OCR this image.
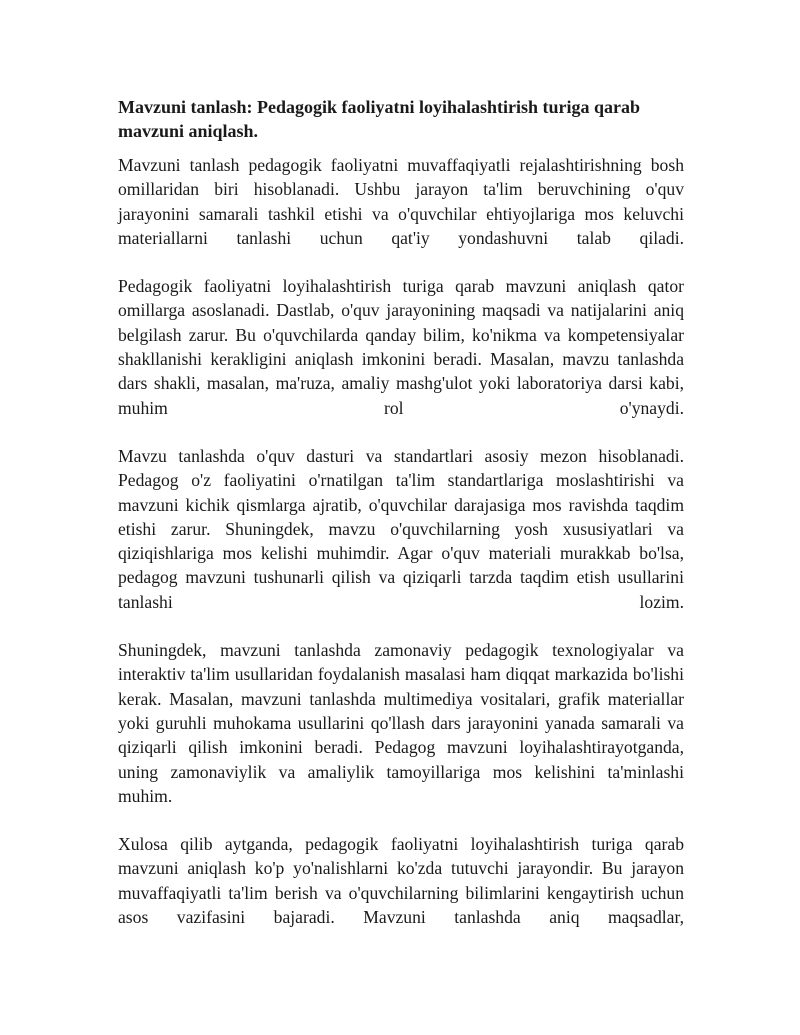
Mavzuni tanlash: Pedagogik faoliyatni loyihalashtirish turiga qarab mavzuni aniqlash.

Mavzuni tanlash pedagogik faoliyatni muvaffaqiyatli rejalashtirishning bosh omillaridan biri hisoblanadi. Ushbu jarayon ta'lim beruvchining o'quv jarayonini samarali tashkil etishi va o'quvchilar ehtiyojlariga mos keluvchi materiallarni tanlashi uchun qat'iy yondashuvni talab qiladi.

Pedagogik faoliyatni loyihalashtirish turiga qarab mavzuni aniqlash qator omillarga asoslanadi. Dastlab, o'quv jarayonining maqsadi va natijalarini aniq belgilash zarur. Bu o'quvchilarda qanday bilim, ko'nikma va kompetensiyalar shakllanishi kerakligini aniqlash imkonini beradi. Masalan, mavzu tanlashda dars shakli, masalan, ma'ruza, amaliy mashg'ulot yoki laboratoriya darsi kabi, muhim rol o'ynaydi.

Mavzu tanlashda o'quv dasturi va standartlari asosiy mezon hisoblanadi. Pedagog o'z faoliyatini o'rnatilgan ta'lim standartlariga moslashtirishi va mavzuni kichik qismlarga ajratib, o'quvchilar darajasiga mos ravishda taqdim etishi zarur. Shuningdek, mavzu o'quvchilarning yosh xususiyatlari va qiziqishlariga mos kelishi muhimdir. Agar o'quv materiali murakkab bo'lsa, pedagog mavzuni tushunarli qilish va qiziqarli tarzda taqdim etish usullarini tanlashi lozim.

Shuningdek, mavzuni tanlashda zamonaviy pedagogik texnologiyalar va interaktiv ta'lim usullaridan foydalanish masalasi ham diqqat markazida bo'lishi kerak. Masalan, mavzuni tanlashda multimediya vositalari, grafik materiallar yoki guruhli muhokama usullarini qo'llash dars jarayonini yanada samarali va qiziqarli qilish imkonini beradi. Pedagog mavzuni loyihalashtirayotganda, uning zamonaviylik va amaliylik tamoyillariga mos kelishini ta'minlashi muhim.

Xulosa qilib aytganda, pedagogik faoliyatni loyihalashtirish turiga qarab mavzuni aniqlash ko'p yo'nalishlarni ko'zda tutuvchi jarayondir. Bu jarayon muvaffaqiyatli ta'lim berish va o'quvchilarning bilimlarini kengaytirish uchun asos vazifasini bajaradi. Mavzuni tanlashda aniq maqsadlar,
